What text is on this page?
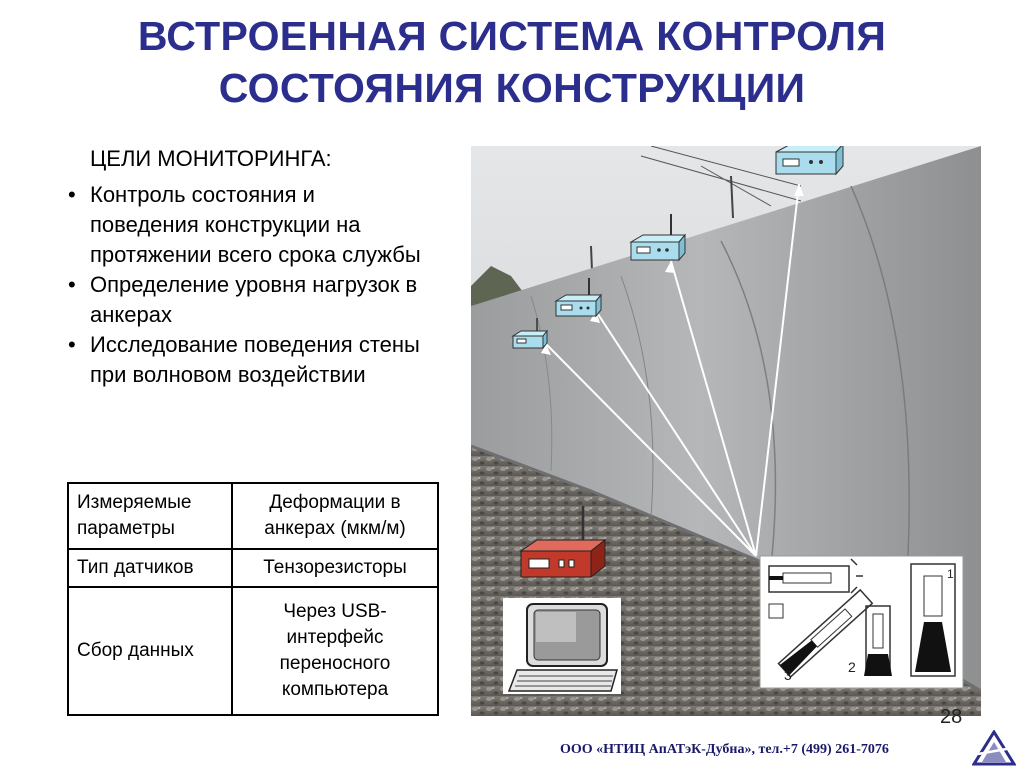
ВСТРОЕННАЯ СИСТЕМА КОНТРОЛЯ
СОСТОЯНИЯ КОНСТРУКЦИИ
ЦЕЛИ МОНИТОРИНГА:
• Контроль состояния и поведения конструкции на протяжении всего срока службы
• Определение уровня нагрузок в анкерах
• Исследование поведения стены при волновом воздействии
Измеряемые параметры	Деформации в анкерах (мкм/м)
Тип датчиков	Тензорезисторы
Сбор данных	Через USB-интерфейс переносного компьютера
3	2
1
28
ООО «НТИЦ АпАТэК-Дубна», тел.+7 (499) 261-7076
